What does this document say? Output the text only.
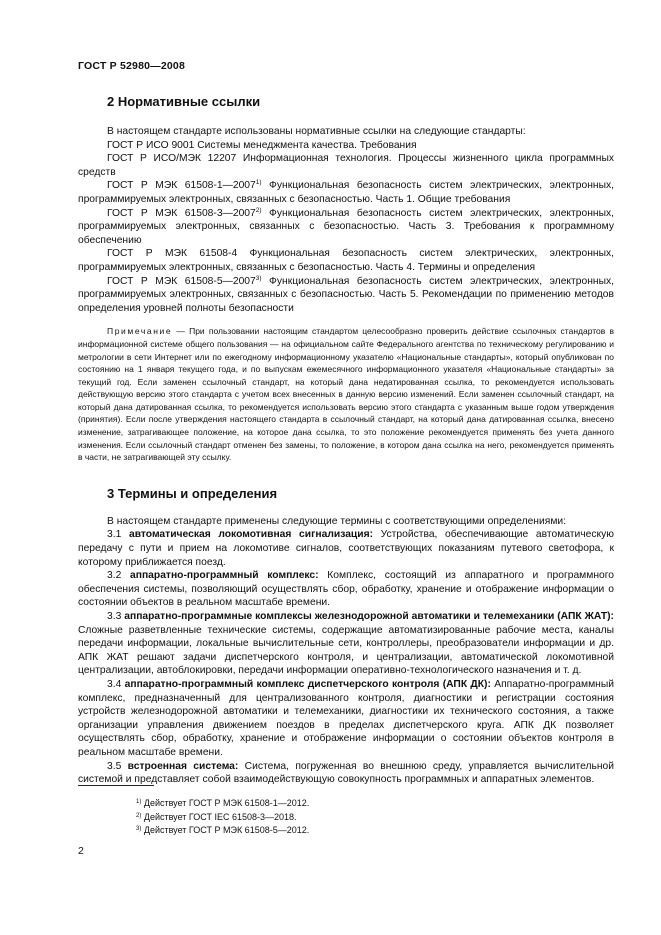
ГОСТ Р 52980—2008
2 Нормативные ссылки

В настоящем стандарте использованы нормативные ссылки на следующие стандарты:

ГОСТ Р ИСО 9001 Системы менеджмента качества. Требования

ГОСТ Р ИСО/МЭК 12207 Информационная технология. Процессы жизненного цикла программных средств

ГОСТ Р МЭК 61508-1—2007$^{1)}$ Функциональная безопасность систем электрических, электронных, программируемых электронных, связанных с безопасностью. Часть 1. Общие требования

ГОСТ Р МЭК 61508-3—2007$^{2)}$ Функциональная безопасность систем электрических, электронных, программируемых электронных, связанных с безопасностью. Часть 3. Требования к программному обеспечению

ГОСТ Р МЭК 61508-4 Функциональная безопасность систем электрических, электронных, программируемых электронных, связанных с безопасностью. Часть 4. Термины и определения

ГОСТ Р МЭК 61508-5—2007$^{3)}$ Функциональная безопасность систем электрических, электронных, программируемых электронных, связанных с безопасностью. Часть 5. Рекомендации по применению методов определения уровней полноты безопасности

Примечание — При пользовании настоящим стандартом целесообразно проверить действие ссылочных стандартов в информационной системе общего пользования — на официальном сайте Федерального агентства по техническому регулированию и метрологии в сети Интернет или по ежегодному информационному указателю «Национальные стандарты», который опубликован по состоянию на 1 января текущего года, и по выпускам ежемесячного информационного указателя «Национальные стандарты» за текущий год. Если заменен ссылочный стандарт, на который дана недатированная ссылка, то рекомендуется использовать действующую версию этого стандарта с учетом всех внесенных в данную версию изменений. Если заменен ссылочный стандарт, на который дана датированная ссылка, то рекомендуется использовать версию этого стандарта с указанным выше годом утверждения (принятия). Если после утверждения настоящего стандарта в ссылочный стандарт, на который дана датированная ссылка, внесено изменение, затрагивающее положение, на которое дана ссылка, то это положение рекомендуется применять без учета данного изменения. Если ссылочный стандарт отменен без замены, то положение, в котором дана ссылка на него, рекомендуется применять в части, не затрагивающей эту ссылку.

3 Термины и определения

В настоящем стандарте применены следующие термины с соответствующими определениями:

3.1 автоматическая локомотивная сигнализация: Устройства, обеспечивающие автоматическую передачу с пути и прием на локомотиве сигналов, соответствующих показаниям путевого светофора, к которому приближается поезд.

3.2 аппаратно-программный комплекс: Комплекс, состоящий из аппаратного и программного обеспечения системы, позволяющий осуществлять сбор, обработку, хранение и отображение информации о состоянии объектов в реальном масштабе времени.

3.3 аппаратно-программные комплексы железнодорожной автоматики и телемеханики (АПК ЖАТ): Сложные разветвленные технические системы, содержащие автоматизированные рабочие места, каналы передачи информации, локальные вычислительные сети, контроллеры, преобразователи информации и др. АПК ЖАТ решают задачи диспетчерского контроля, и централизации, автоматической локомотивной централизации, автоблокировки, передачи информации оперативно-технологического назначения и т. д.

3.4 аппаратно-программный комплекс диспетчерского контроля (АПК ДК): Аппаратно-программный комплекс, предназначенный для централизованного контроля, диагностики и регистрации состояния устройств железнодорожной автоматики и телемеханики, диагностики их технического состояния, а также организации управления движением поездов в пределах диспетчерского круга. АПК ДК позволяет осуществлять сбор, обработку, хранение и отображение информации о состоянии объектов контроля в реальном масштабе времени.

3.5 встроенная система: Система, погруженная во внешнюю среду, управляется вычислительной системой и представляет собой взаимодействующую совокупность программных и аппаратных элементов.

$^{1)}$ Действует ГОСТ Р МЭК 61508-1—2012.

$^{2)}$ Действует ГОСТ IEC 61508-3—2018.

$^{3)}$ Действует ГОСТ Р МЭК 61508-5—2012.

2
